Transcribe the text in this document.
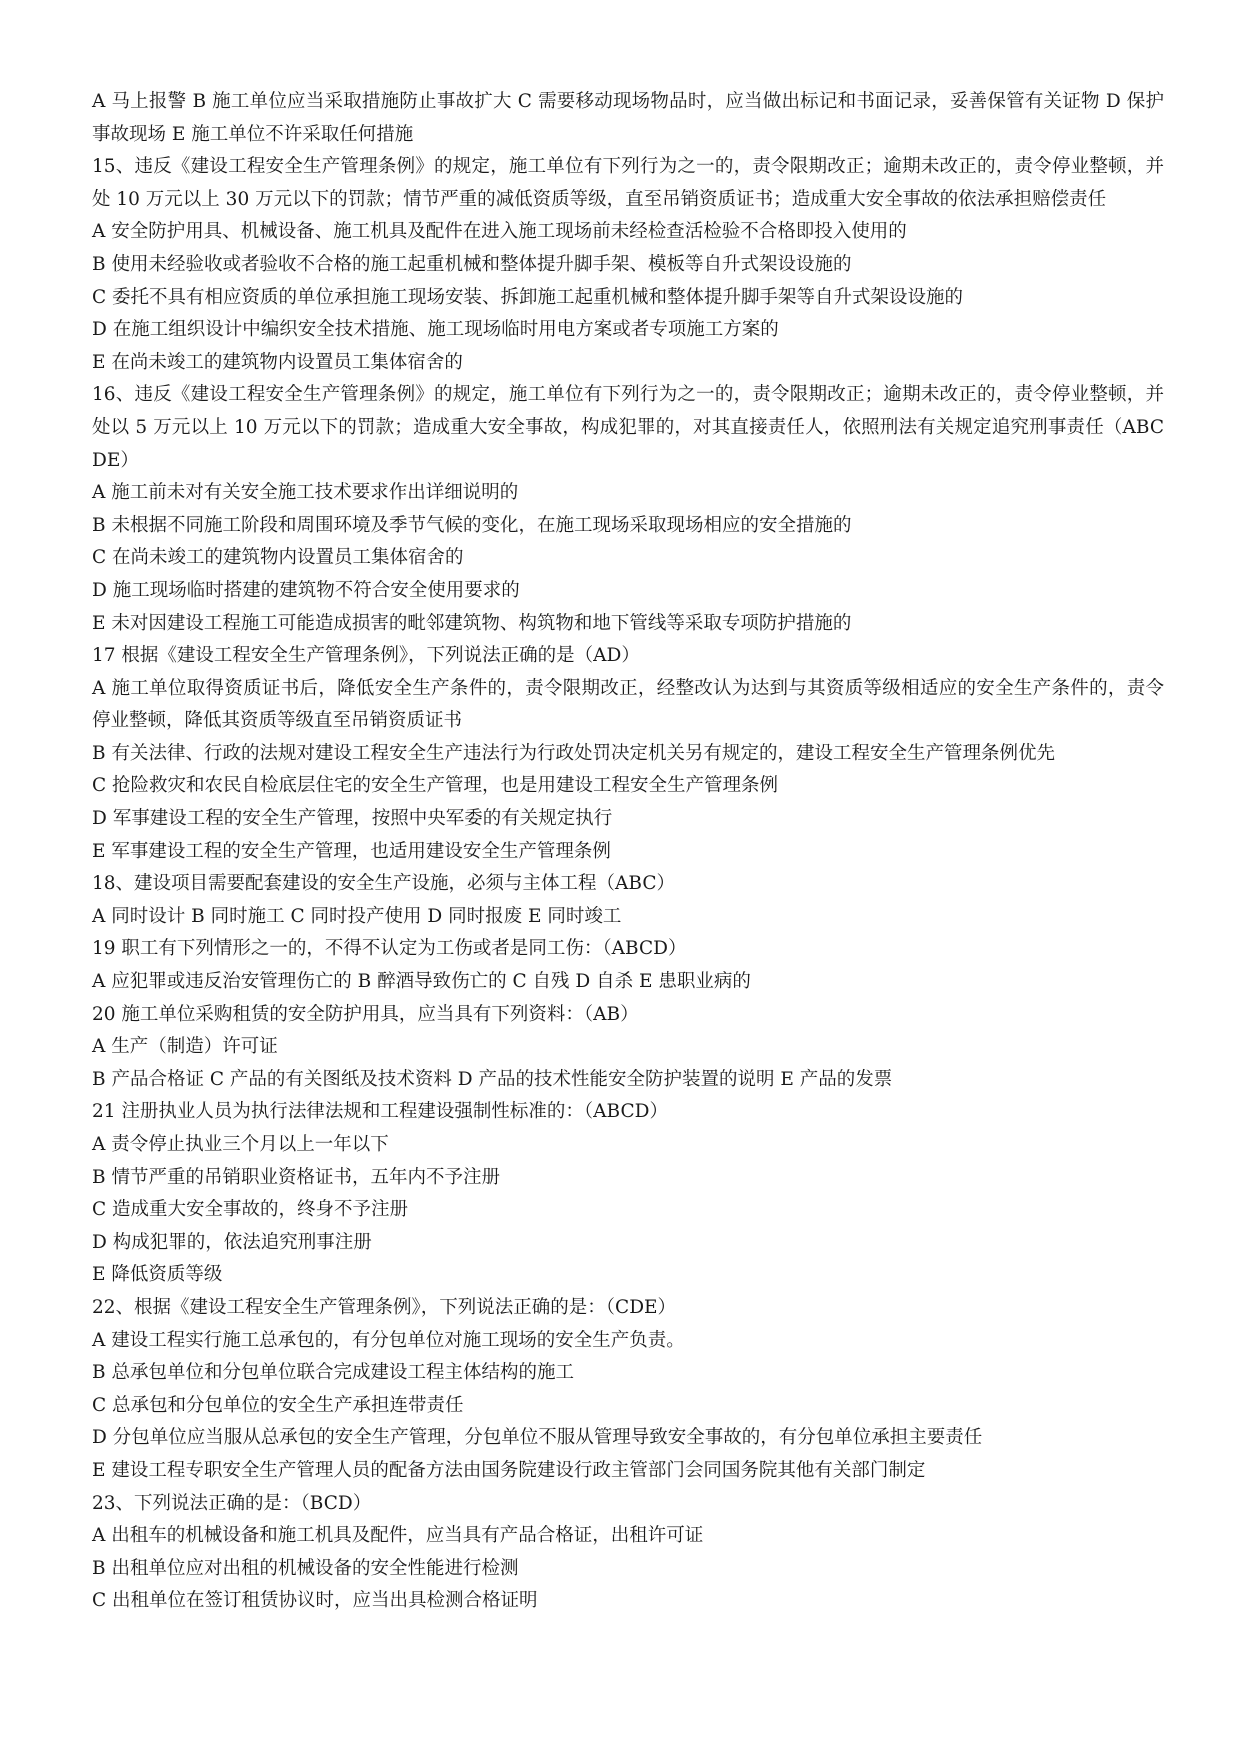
A 马上报警 B 施工单位应当采取措施防止事故扩大 C 需要移动现场物品时，应当做出标记和书面记录，妥善保管有关证物 D 保护事故现场 E 施工单位不许采取任何措施

15、违反《建设工程安全生产管理条例》的规定，施工单位有下列行为之一的，责令限期改正；逾期未改正的，责令停业整顿，并处 10 万元以上 30 万元以下的罚款；情节严重的减低资质等级，直至吊销资质证书；造成重大安全事故的依法承担赔偿责任

A 安全防护用具、机械设备、施工机具及配件在进入施工现场前未经检查活检验不合格即投入使用的

B 使用未经验收或者验收不合格的施工起重机械和整体提升脚手架、模板等自升式架设设施的

C 委托不具有相应资质的单位承担施工现场安装、拆卸施工起重机械和整体提升脚手架等自升式架设设施的

D 在施工组织设计中编织安全技术措施、施工现场临时用电方案或者专项施工方案的

E 在尚未竣工的建筑物内设置员工集体宿舍的

16、违反《建设工程安全生产管理条例》的规定，施工单位有下列行为之一的，责令限期改正；逾期未改正的，责令停业整顿，并处以 5 万元以上 10 万元以下的罚款；造成重大安全事故，构成犯罪的，对其直接责任人，依照刑法有关规定追究刑事责任（ABCDE）

A 施工前未对有关安全施工技术要求作出详细说明的

B 未根据不同施工阶段和周围环境及季节气候的变化，在施工现场采取现场相应的安全措施的

C 在尚未竣工的建筑物内设置员工集体宿舍的

D 施工现场临时搭建的建筑物不符合安全使用要求的

E 未对因建设工程施工可能造成损害的毗邻建筑物、构筑物和地下管线等采取专项防护措施的

17 根据《建设工程安全生产管理条例》，下列说法正确的是（AD）

A 施工单位取得资质证书后，降低安全生产条件的，责令限期改正，经整改认为达到与其资质等级相适应的安全生产条件的，责令停业整顿，降低其资质等级直至吊销资质证书

B 有关法律、行政的法规对建设工程安全生产违法行为行政处罚决定机关另有规定的，建设工程安全生产管理条例优先

C 抢险救灾和农民自检底层住宅的安全生产管理，也是用建设工程安全生产管理条例

D 军事建设工程的安全生产管理，按照中央军委的有关规定执行

E 军事建设工程的安全生产管理，也适用建设安全生产管理条例

18、建设项目需要配套建设的安全生产设施，必须与主体工程（ABC）

A 同时设计 B 同时施工 C 同时投产使用 D 同时报废 E 同时竣工

19 职工有下列情形之一的，不得不认定为工伤或者是同工伤：（ABCD）

A 应犯罪或违反治安管理伤亡的 B 醉酒导致伤亡的 C 自残 D 自杀 E 患职业病的

20 施工单位采购租赁的安全防护用具，应当具有下列资料：（AB）

A 生产（制造）许可证

B 产品合格证 C 产品的有关图纸及技术资料 D 产品的技术性能安全防护装置的说明 E 产品的发票

21 注册执业人员为执行法律法规和工程建设强制性标准的：（ABCD）

A 责令停止执业三个月以上一年以下

B 情节严重的吊销职业资格证书，五年内不予注册

C 造成重大安全事故的，终身不予注册

D 构成犯罪的，依法追究刑事注册

E 降低资质等级

22、根据《建设工程安全生产管理条例》，下列说法正确的是：（CDE）

A 建设工程实行施工总承包的，有分包单位对施工现场的安全生产负责。

B 总承包单位和分包单位联合完成建设工程主体结构的施工

C 总承包和分包单位的安全生产承担连带责任

D 分包单位应当服从总承包的安全生产管理，分包单位不服从管理导致安全事故的，有分包单位承担主要责任

E 建设工程专职安全生产管理人员的配备方法由国务院建设行政主管部门会同国务院其他有关部门制定

23、下列说法正确的是：（BCD）

A 出租车的机械设备和施工机具及配件，应当具有产品合格证，出租许可证

B 出租单位应对出租的机械设备的安全性能进行检测

C 出租单位在签订租赁协议时，应当出具检测合格证明
